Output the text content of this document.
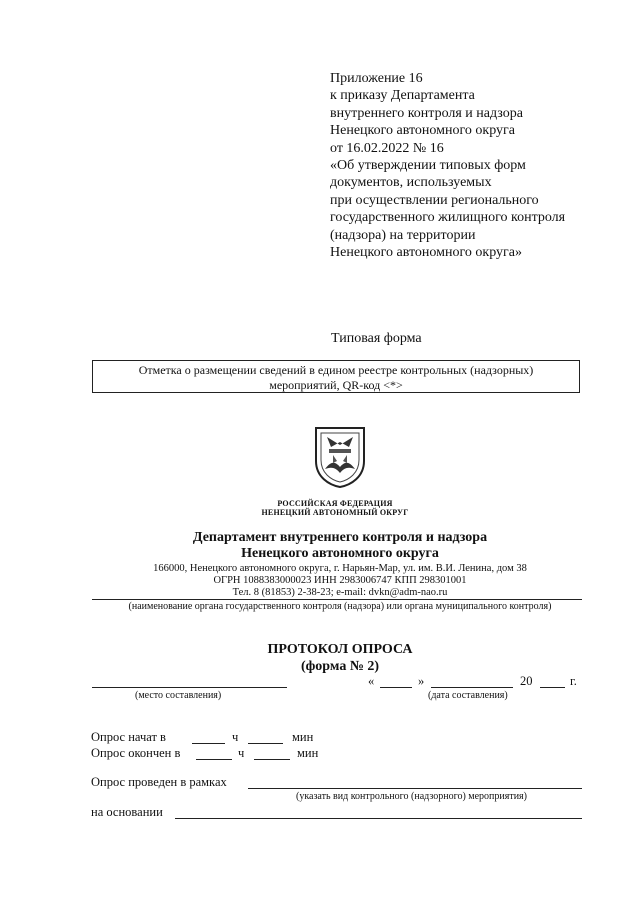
Приложение 16
к приказу Департамента
внутреннего контроля и надзора
Ненецкого автономного округа
от 16.02.2022 № 16
«Об утверждении типовых форм
документов, используемых
при осуществлении регионального
государственного жилищного контроля
(надзора) на территории
Ненецкого автономного округа»
Типовая форма
Отметка о размещении сведений в едином реестре контрольных (надзорных)
мероприятий, QR-код <*>
РОССИЙСКАЯ ФЕДЕРАЦИЯ
НЕНЕЦКИЙ АВТОНОМНЫЙ ОКРУГ
Департамент внутреннего контроля и надзора
Ненецкого автономного округа
166000, Ненецкого автономного округа, г. Нарьян-Мар, ул. им. В.И. Ленина, дом 38
ОГРН 1088383000023 ИНН 2983006747 КПП 298301001
Тел. 8 (81853) 2-38-23; e-mail: dvkn@adm-nao.ru
(наименование органа государственного контроля (надзора) или органа муниципального контроля)
ПРОТОКОЛ ОПРОСА
(форма № 2)
(место составления)
«	»	20	г.
(дата составления)
Опрос начат в	ч	мин
Опрос окончен в	ч	мин
Опрос проведен в рамках
(указать вид контрольного (надзорного) мероприятия)
на основании
